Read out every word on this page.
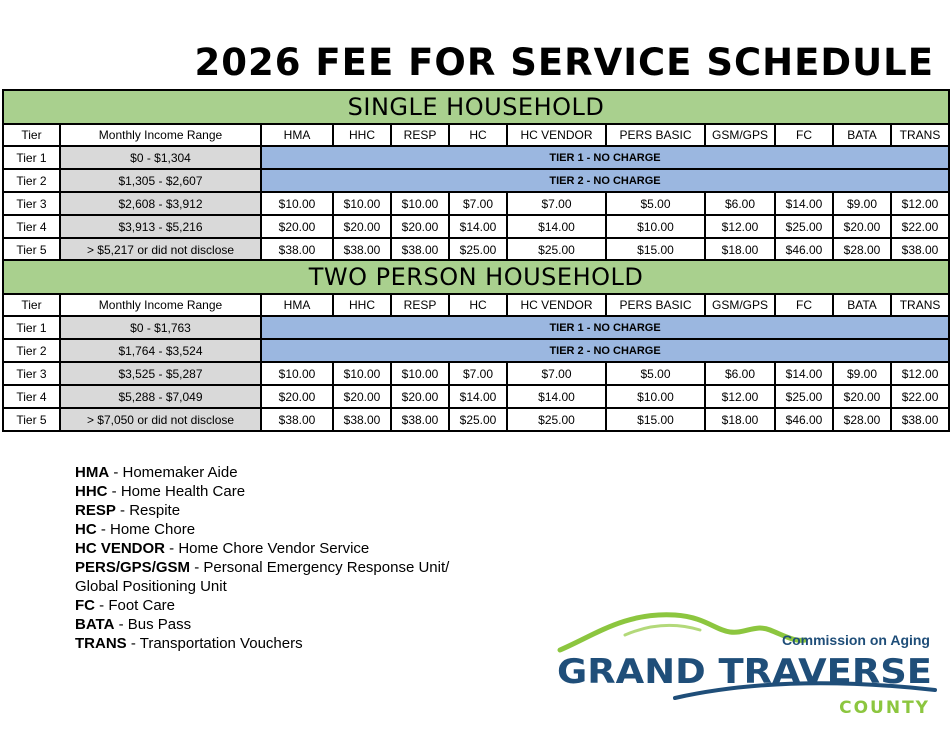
2026 FEE FOR SERVICE SCHEDULE
SINGLE HOUSEHOLD											
Tier	Monthly Income Range	HMA	HHC	RESP	HC	HC VENDOR	PERS BASIC	GSM/GPS	FC	BATA	TRANS
Tier 1	$0 - $1,304	TIER 1 - NO CHARGE									
Tier 2	$1,305 - $2,607	TIER 2 - NO CHARGE									
Tier 3	$2,608 - $3,912	$10.00	$10.00	$10.00	$7.00	$7.00	$5.00	$6.00	$14.00	$9.00	$12.00
Tier 4	$3,913 - $5,216	$20.00	$20.00	$20.00	$14.00	$14.00	$10.00	$12.00	$25.00	$20.00	$22.00
Tier 5	> $5,217 or did not disclose	$38.00	$38.00	$38.00	$25.00	$25.00	$15.00	$18.00	$46.00	$28.00	$38.00
TWO PERSON HOUSEHOLD											
Tier	Monthly Income Range	HMA	HHC	RESP	HC	HC VENDOR	PERS BASIC	GSM/GPS	FC	BATA	TRANS
Tier 1	$0 - $1,763	TIER 1 - NO CHARGE									
Tier 2	$1,764 - $3,524	TIER 2 - NO CHARGE									
Tier 3	$3,525 - $5,287	$10.00	$10.00	$10.00	$7.00	$7.00	$5.00	$6.00	$14.00	$9.00	$12.00
Tier 4	$5,288 - $7,049	$20.00	$20.00	$20.00	$14.00	$14.00	$10.00	$12.00	$25.00	$20.00	$22.00
Tier 5	> $7,050 or did not disclose	$38.00	$38.00	$38.00	$25.00	$25.00	$15.00	$18.00	$46.00	$28.00	$38.00
HMA - Homemaker Aide
HHC - Home Health Care
RESP - Respite
HC - Home Chore
HC VENDOR - Home Chore Vendor Service
PERS/GPS/GSM - Personal Emergency Response Unit/ Global Positioning Unit
FC - Foot Care
BATA - Bus Pass
TRANS - Transportation Vouchers	Commission on Aging
GRAND TRAVERSE
COUNTY
